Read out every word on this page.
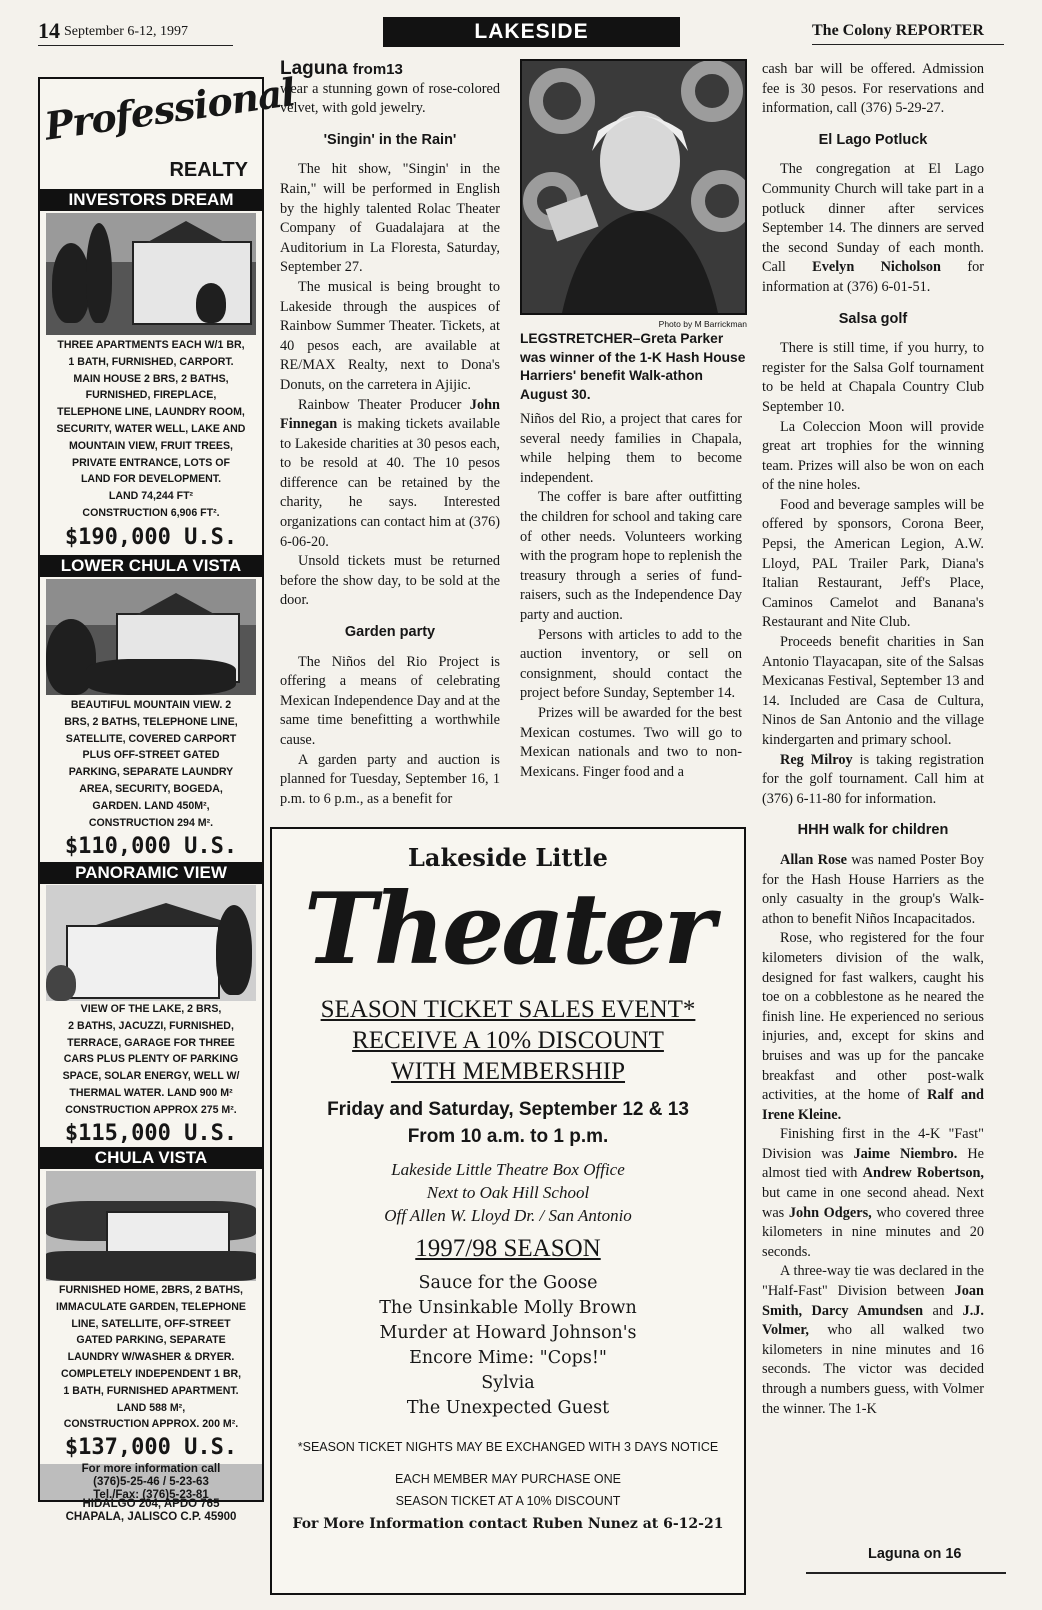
14 September 6-12, 1997	LAKESIDE	The Colony REPORTER
Professional
REALTY
INVESTORS DREAM
THREE APARTMENTS EACH W/1 BR,
1 BATH, FURNISHED, CARPORT.
MAIN HOUSE 2 BRS, 2 BATHS,
FURNISHED, FIREPLACE,
TELEPHONE LINE, LAUNDRY ROOM,
SECURITY, WATER WELL, LAKE AND
MOUNTAIN VIEW, FRUIT TREES,
PRIVATE ENTRANCE, LOTS OF
LAND FOR DEVELOPMENT.
LAND 74,244 FT²
CONSTRUCTION 6,906 FT².
$190,000 U.S.
LOWER CHULA VISTA
BEAUTIFUL MOUNTAIN VIEW. 2
BRS, 2 BATHS, TELEPHONE LINE,
SATELLITE, COVERED CARPORT
PLUS OFF-STREET GATED
PARKING, SEPARATE LAUNDRY
AREA, SECURITY, BOGEDA,
GARDEN. LAND 450M²,
CONSTRUCTION 294 M².
$110,000 U.S.
PANORAMIC VIEW
VIEW OF THE LAKE, 2 BRS,
2 BATHS, JACUZZI, FURNISHED,
TERRACE, GARAGE FOR THREE
CARS PLUS PLENTY OF PARKING
SPACE, SOLAR ENERGY, WELL W/
THERMAL WATER. LAND 900 M²
CONSTRUCTION APPROX 275 M².
$115,000 U.S.
CHULA VISTA
FURNISHED HOME, 2BRS, 2 BATHS,
IMMACULATE GARDEN, TELEPHONE
LINE, SATELLITE, OFF-STREET
GATED PARKING, SEPARATE
LAUNDRY W/WASHER & DRYER.
COMPLETELY INDEPENDENT 1 BR,
1 BATH, FURNISHED APARTMENT.
LAND 588 M²,
CONSTRUCTION APPROX. 200 M².
$137,000 U.S.
For more information call
(376)5-25-46 / 5-23-63
Tel./Fax: (376)5-23-81
HIDALGO 204, APDO 765
CHAPALA, JALISCO C.P. 45900
Laguna from13

wear a stunning gown of rose-colored velvet, with gold jewelry.

'Singin' in the Rain'

The hit show, "Singin' in the Rain," will be performed in English by the highly talented Rolac Theater Company of Guadalajara at the Auditorium in La Floresta, Saturday, September 27.

The musical is being brought to Lakeside through the auspices of Rainbow Summer Theater. Tickets, at 40 pesos each, are available at RE/MAX Realty, next to Dona's Donuts, on the carretera in Ajijic.

Rainbow Theater Producer John Finnegan is making tickets available to Lakeside charities at 30 pesos each, to be resold at 40. The 10 pesos difference can be retained by the charity, he says. Interested organizations can contact him at (376) 6-06-20.

Unsold tickets must be returned before the show day, to be sold at the door.

Garden party

The Niños del Rio Project is offering a means of celebrating Mexican Independence Day and at the same time benefitting a worthwhile cause.

A garden party and auction is planned for Tuesday, September 16, 1 p.m. to 6 p.m., as a benefit for

Photo by M Barrickman
LEGSTRETCHER–Greta Parker was winner of the 1-K Hash House Harriers' benefit Walk-athon August 30.

Niños del Rio, a project that cares for several needy families in Chapala, while helping them to become independent.

The coffer is bare after outfitting the children for school and taking care of other needs. Volunteers working with the program hope to replenish the treasury through a series of fund-raisers, such as the Independence Day party and auction.

Persons with articles to add to the auction inventory, or sell on consignment, should contact the project before Sunday, September 14.

Prizes will be awarded for the best Mexican costumes. Two will go to Mexican nationals and two to non-Mexicans. Finger food and a

cash bar will be offered. Admission fee is 30 pesos. For reservations and information, call (376) 5-29-27.

El Lago Potluck

The congregation at El Lago Community Church will take part in a potluck dinner after services September 14. The dinners are served the second Sunday of each month. Call Evelyn Nicholson for information at (376) 6-01-51.

Salsa golf

There is still time, if you hurry, to register for the Salsa Golf tournament to be held at Chapala Country Club September 10.

La Coleccion Moon will provide great art trophies for the winning team. Prizes will also be won on each of the nine holes.

Food and beverage samples will be offered by sponsors, Corona Beer, Pepsi, the American Legion, A.W. Lloyd, PAL Trailer Park, Diana's Italian Restaurant, Jeff's Place, Caminos Camelot and Banana's Restaurant and Nite Club.

Proceeds benefit charities in San Antonio Tlayacapan, site of the Salsas Mexicanas Festival, September 13 and 14. Included are Casa de Cultura, Ninos de San Antonio and the village kindergarten and primary school.

Reg Milroy is taking registration for the golf tournament. Call him at (376) 6-11-80 for information.

HHH walk for children

Allan Rose was named Poster Boy for the Hash House Harriers as the only casualty in the group's Walk-athon to benefit Niños Incapacitados.

Rose, who registered for the four kilometers division of the walk, designed for fast walkers, caught his toe on a cobblestone as he neared the finish line. He experienced no serious injuries, and, except for skins and bruises and was up for the pancake breakfast and other post-walk activities, at the home of Ralf and Irene Kleine.

Finishing first in the 4-K "Fast" Division was Jaime Niembro. He almost tied with Andrew Robertson, but came in one second ahead. Next was John Odgers, who covered three kilometers in nine minutes and 20 seconds.

A three-way tie was declared in the "Half-Fast" Division between Joan Smith, Darcy Amundsen and J.J. Volmer, who all walked two kilometers in nine minutes and 16 seconds. The victor was decided through a numbers guess, with Volmer the winner. The 1-K

Laguna on 16
Lakeside Little
Theater
SEASON TICKET SALES EVENT*
RECEIVE A 10% DISCOUNT
WITH MEMBERSHIP
Friday and Saturday, September 12 & 13
From 10 a.m. to 1 p.m.
Lakeside Little Theatre Box Office
Next to Oak Hill School
Off Allen W. Lloyd Dr. / San Antonio
1997/98 SEASON
Sauce for the Goose
The Unsinkable Molly Brown
Murder at Howard Johnson's
Encore Mime: "Cops!"
Sylvia
The Unexpected Guest
*SEASON TICKET NIGHTS MAY BE EXCHANGED WITH 3 DAYS NOTICE
EACH MEMBER MAY PURCHASE ONE
SEASON TICKET AT A 10% DISCOUNT
For More Information contact Ruben Nunez at 6-12-21
